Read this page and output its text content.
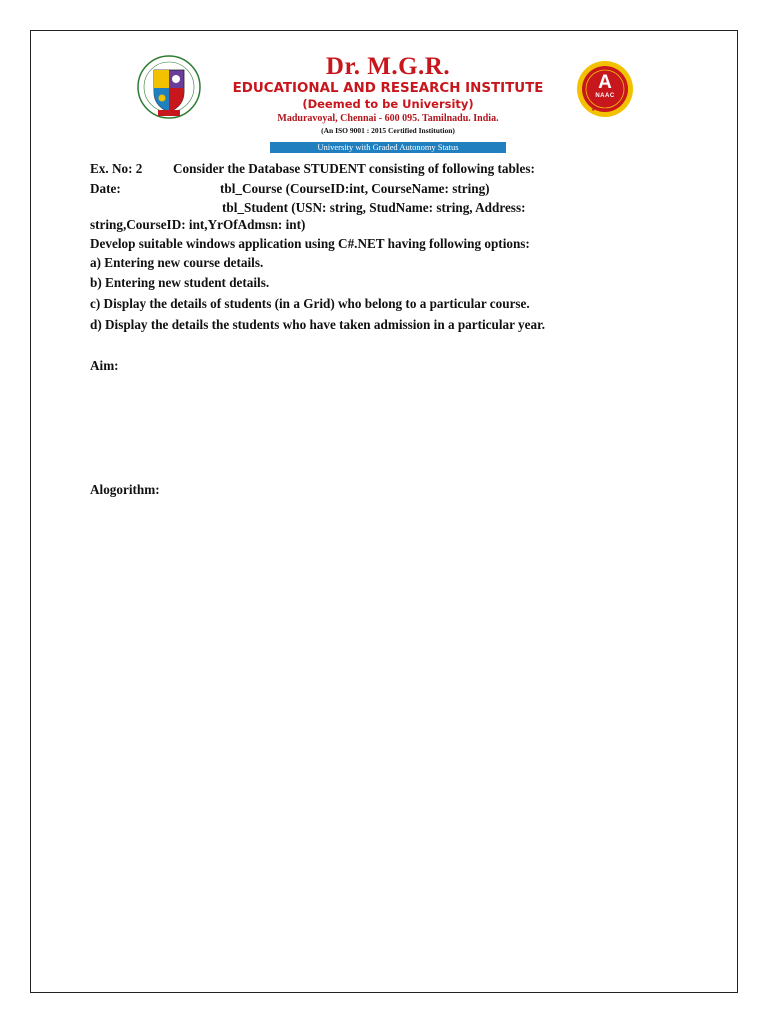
Dr. M.G.R.
EDUCATIONAL AND RESEARCH INSTITUTE
(Deemed to be University)
Maduravoyal, Chennai - 600 095. Tamilnadu. India.
(An ISO 9001 : 2015 Certified Institution)
University with Graded Autonomy Status
★ ★ ★
A
NAAC
Ex. No: 2 Consider the Database STUDENT consisting of following tables:
Date:	tbl_Course (CourseID:int, CourseName: string)
tbl_Student (USN: string, StudName: string, Address:
string,CourseID: int,YrOfAdmsn: int)
Develop suitable windows application using C#.NET having following options:
a) Entering new course details.
b) Entering new student details.
c) Display the details of students (in a Grid) who belong to a particular course.
d) Display the details the students who have taken admission in a particular year.
Aim:
Alogorithm:
